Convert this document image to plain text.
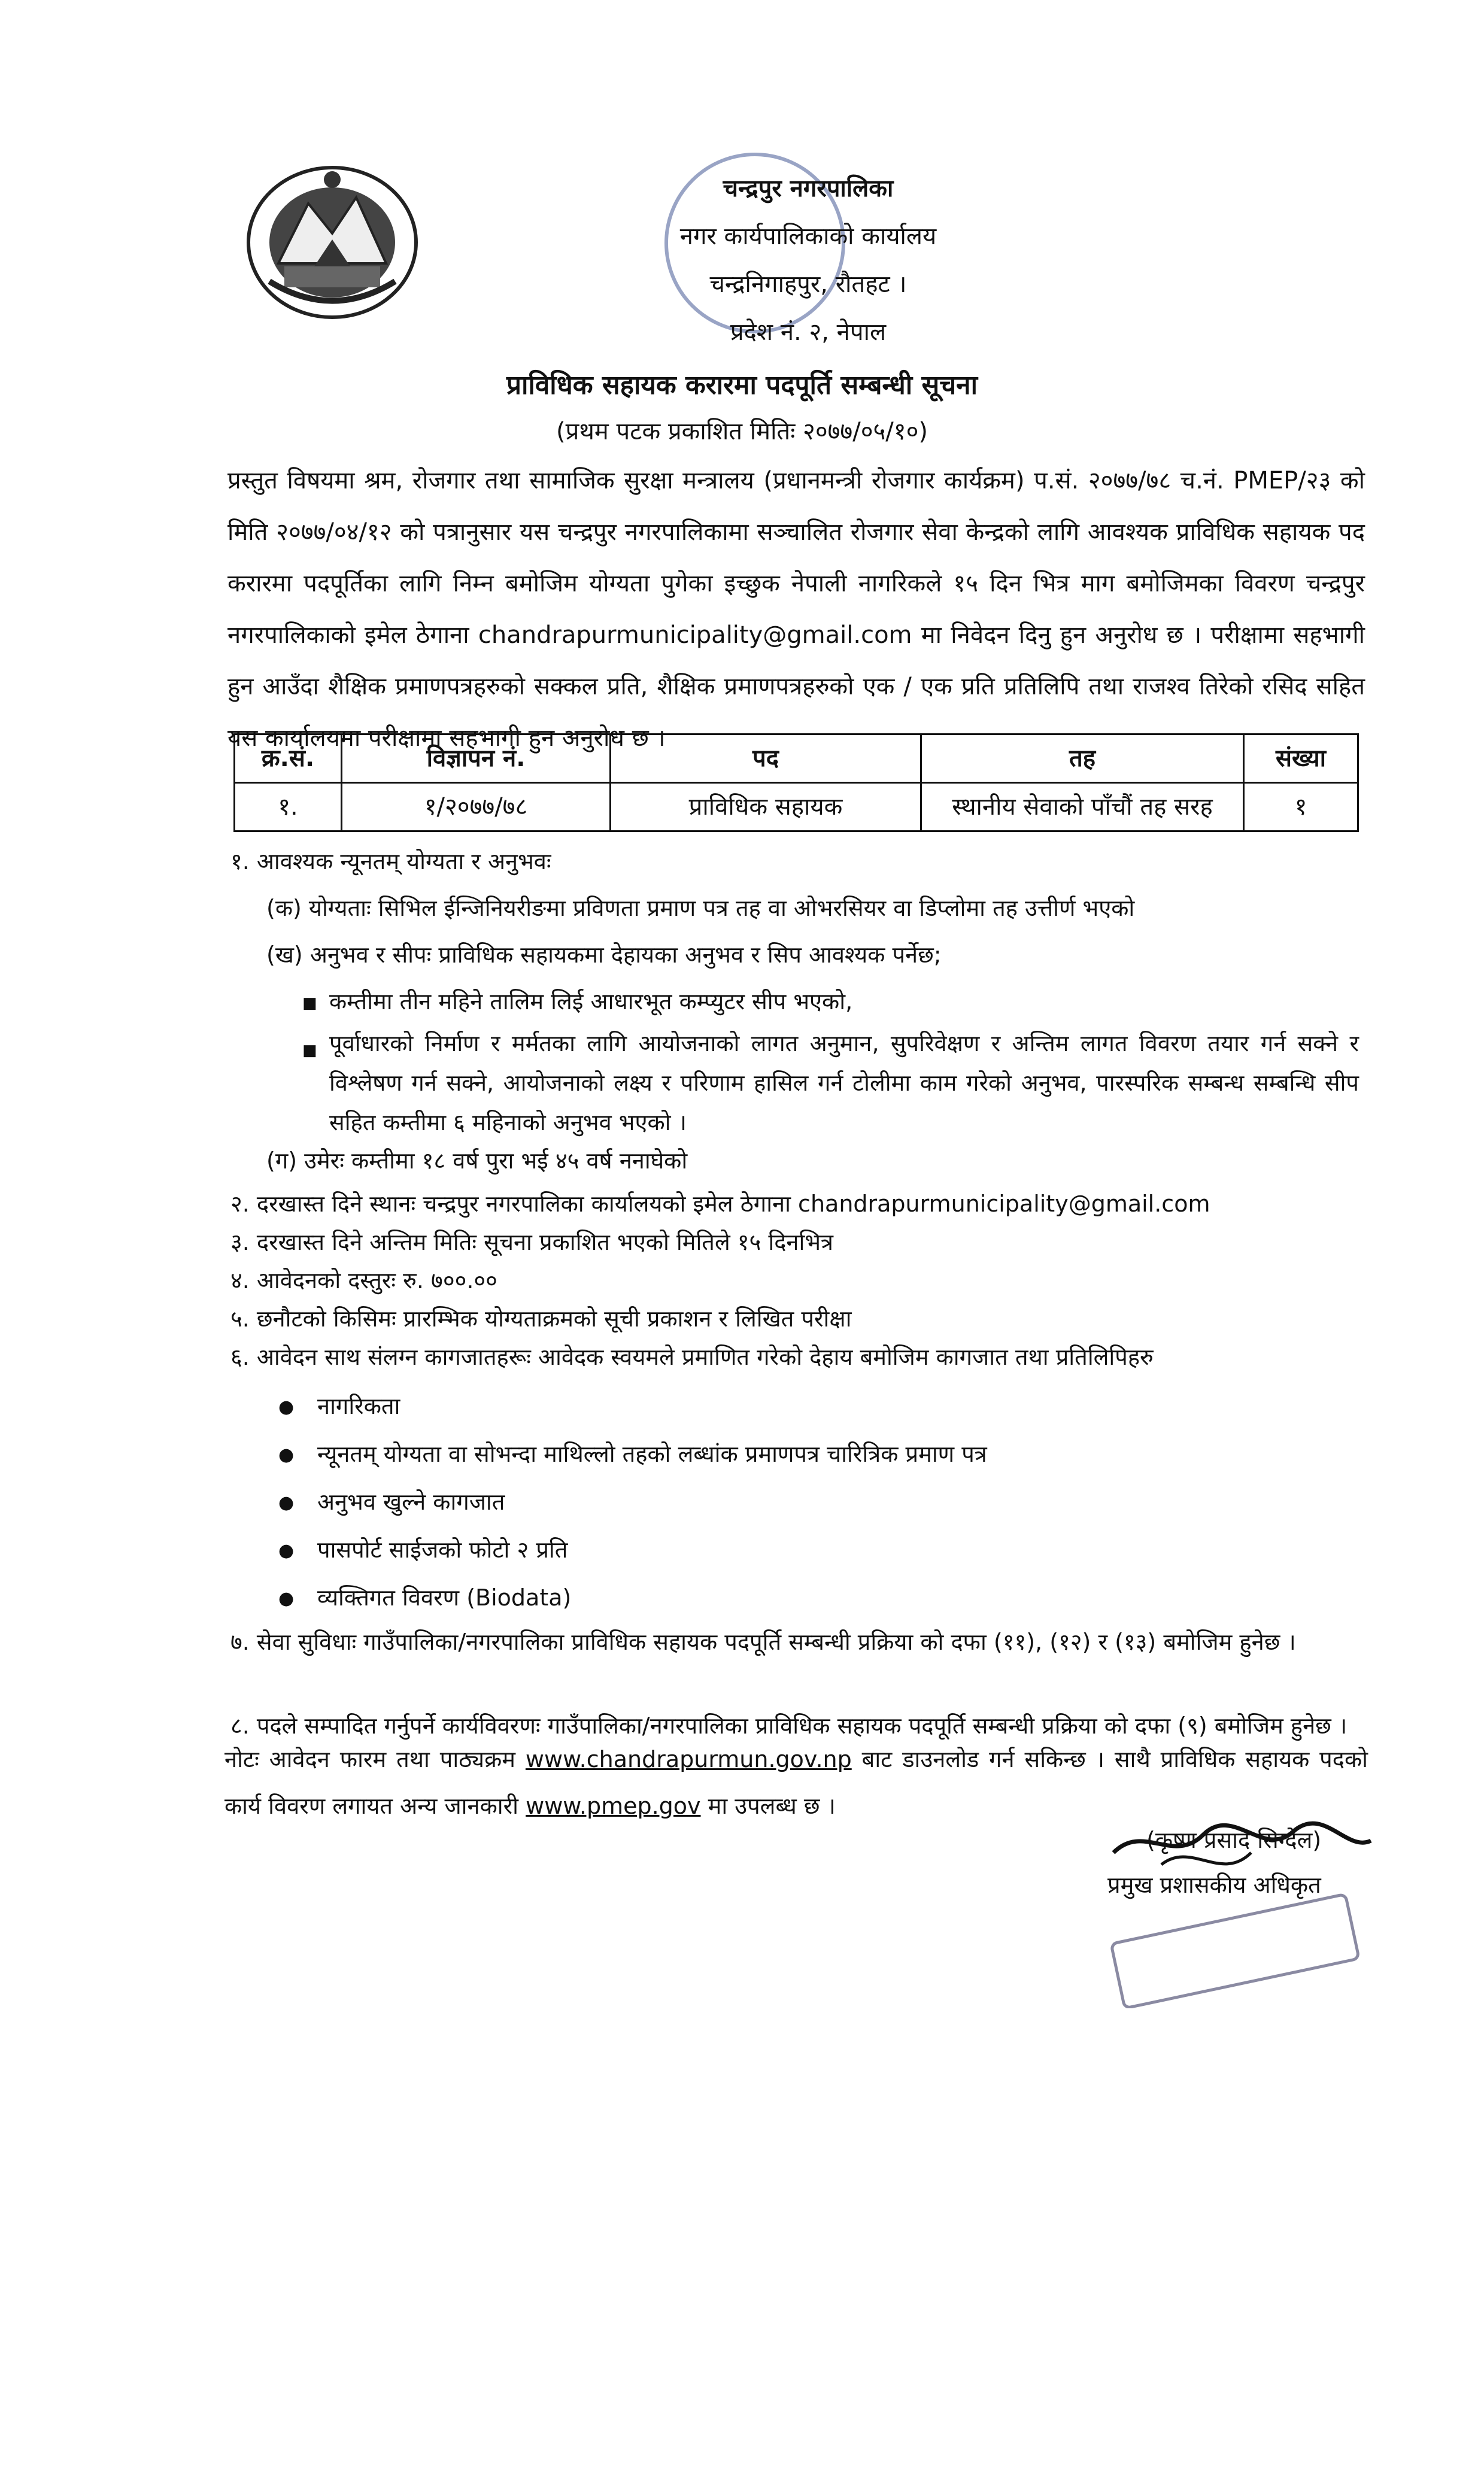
चन्द्रपुर नगरपालिका
नगर कार्यपालिकाको कार्यालय
चन्द्रनिगाहपुर, रौतहट ।
प्रदेश नं. २, नेपाल
प्राविधिक सहायक करारमा पदपूर्ति सम्बन्धी सूचना
(प्रथम पटक प्रकाशित मितिः २०७७/०५/१०)
प्रस्तुत विषयमा श्रम, रोजगार तथा सामाजिक सुरक्षा मन्त्रालय (प्रधानमन्त्री रोजगार कार्यक्रम) प.सं. २०७७/७८ च.नं. PMEP/२३ को मिति २०७७/०४/१२ को पत्रानुसार यस चन्द्रपुर नगरपालिकामा सञ्चालित रोजगार सेवा केन्द्रको लागि आवश्यक प्राविधिक सहायक पद करारमा पदपूर्तिका लागि निम्न बमोजिम योग्यता पुगेका इच्छुक नेपाली नागरिकले १५ दिन भित्र माग बमोजिमका विवरण चन्द्रपुर नगरपालिकाको इमेल ठेगाना chandrapurmunicipality@gmail.com मा निवेदन दिनु हुन अनुरोध छ । परीक्षामा सहभागी हुन आउँदा शैक्षिक प्रमाणपत्रहरुको सक्कल प्रति, शैक्षिक प्रमाणपत्रहरुको एक / एक प्रति प्रतिलिपि तथा राजश्व तिरेको रसिद सहित यस कार्यालयमा परीक्षामा सहभागी हुन अनुरोध छ ।
क्र.सं.	विज्ञापन नं.	पद	तह	संख्या
१.	१/२०७७/७८	प्राविधिक सहायक	स्थानीय सेवाको पाँचौं तह सरह	१
१. आवश्यक न्यूनतम् योग्यता र अनुभवः
(क) योग्यताः सिभिल ईन्जिनियरीङमा प्रविणता प्रमाण पत्र तह वा ओभरसियर वा डिप्लोमा तह उत्तीर्ण भएको
(ख) अनुभव र सीपः प्राविधिक सहायकमा देहायका अनुभव र सिप आवश्यक पर्नेछ;
■ कम्तीमा तीन महिने तालिम लिई आधारभूत कम्प्युटर सीप भएको,
■ पूर्वाधारको निर्माण र मर्मतका लागि आयोजनाको लागत अनुमान, सुपरिवेक्षण र अन्तिम लागत विवरण तयार गर्न सक्ने र विश्लेषण गर्न सक्ने, आयोजनाको लक्ष्य र परिणाम हासिल गर्न टोलीमा काम गरेको अनुभव, पारस्परिक सम्बन्ध सम्बन्धि सीप सहित कम्तीमा ६ महिनाको अनुभव भएको ।
(ग) उमेरः कम्तीमा १८ वर्ष पुरा भई ४५ वर्ष ननाघेको
२. दरखास्त दिने स्थानः चन्द्रपुर नगरपालिका कार्यालयको इमेल ठेगाना chandrapurmunicipality@gmail.com
३. दरखास्त दिने अन्तिम मितिः सूचना प्रकाशित भएको मितिले १५ दिनभित्र
४. आवेदनको दस्तुरः रु. ७००.००
५. छनौटको किसिमः प्रारम्भिक योग्यताक्रमको सूची प्रकाशन र लिखित परीक्षा
६. आवेदन साथ संलग्न कागजातहरूः आवेदक स्वयमले प्रमाणित गरेको देहाय बमोजिम कागजात तथा प्रतिलिपिहरु
● नागरिकता
● न्यूनतम् योग्यता वा सोभन्दा माथिल्लो तहको लब्धांक प्रमाणपत्र चारित्रिक प्रमाण पत्र
● अनुभव खुल्ने कागजात
● पासपोर्ट साईजको फोटो २ प्रति
● व्यक्तिगत विवरण (Biodata)
७. सेवा सुविधाः गाउँपालिका/नगरपालिका प्राविधिक सहायक पदपूर्ति सम्बन्धी प्रक्रिया को दफा (११), (१२) र (१३) बमोजिम हुनेछ ।
८. पदले सम्पादित गर्नुपर्ने कार्यविवरणः गाउँपालिका/नगरपालिका प्राविधिक सहायक पदपूर्ति सम्बन्धी प्रक्रिया को दफा (९) बमोजिम हुनेछ ।
नोटः आवेदन फारम तथा पाठ्यक्रम www.chandrapurmun.gov.np बाट डाउनलोड गर्न सकिन्छ । साथै प्राविधिक सहायक पदको कार्य विवरण लगायत अन्य जानकारी www.pmep.gov मा उपलब्ध छ ।
(कृष्ण प्रसाद सिग्देल)
प्रमुख प्रशासकीय अधिकृत
